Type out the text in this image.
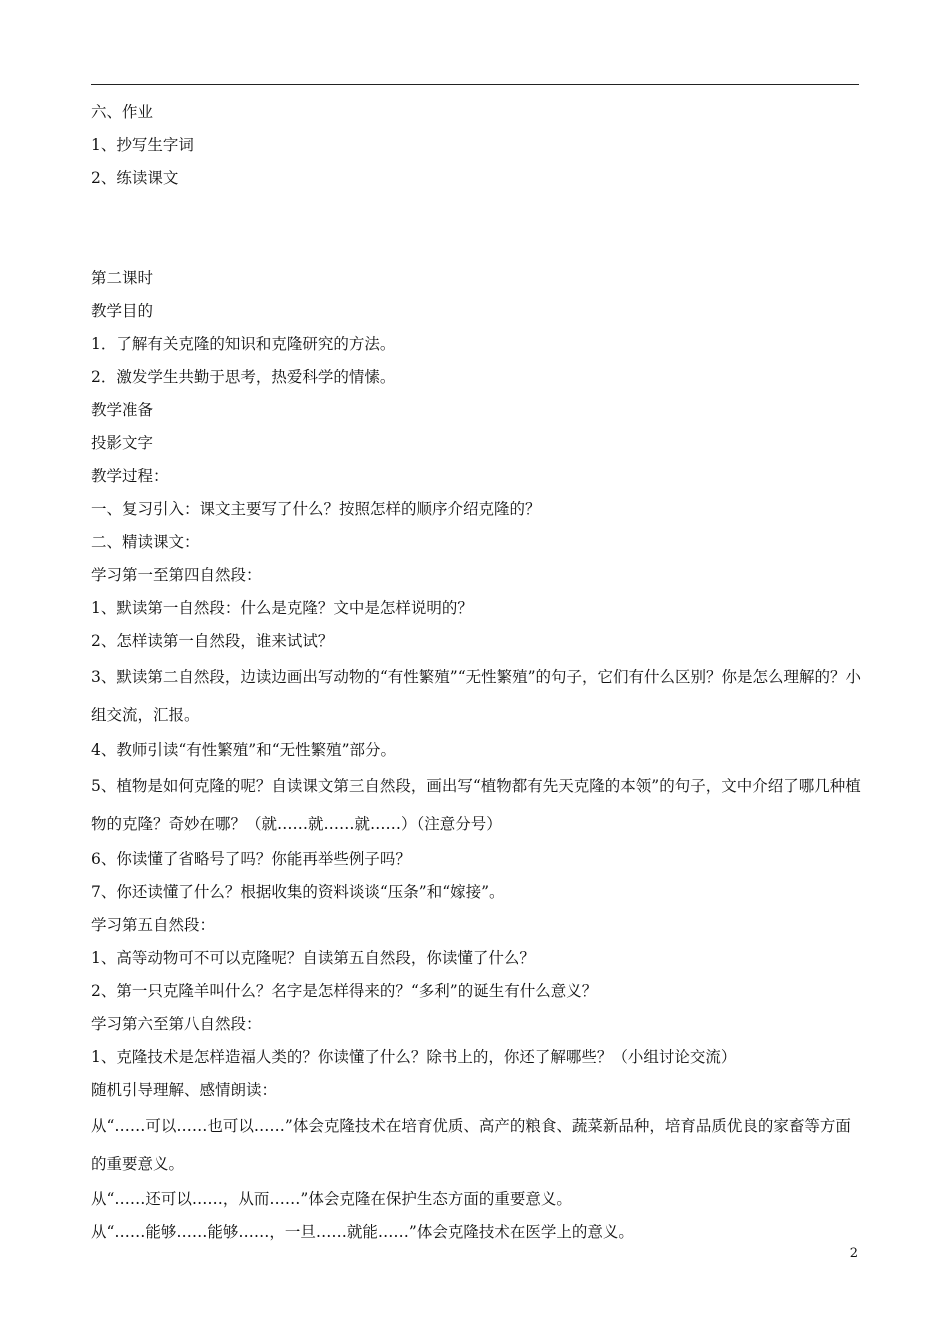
六、作业

1、抄写生字词

2、练读课文

第二课时

教学目的

1．了解有关克隆的知识和克隆研究的方法。

2．激发学生共勤于思考，热爱科学的情愫。

教学准备

投影文字

教学过程：

一、复习引入：课文主要写了什么？按照怎样的顺序介绍克隆的？

二、精读课文：

学习第一至第四自然段：

1、默读第一自然段：什么是克隆？文中是怎样说明的？

2、怎样读第一自然段，谁来试试？

3、默读第二自然段，边读边画出写动物的“有性繁殖”“无性繁殖”的句子，它们有什么区别？你是怎么理解的？小组交流，汇报。

4、教师引读“有性繁殖”和“无性繁殖”部分。

5、植物是如何克隆的呢？自读课文第三自然段，画出写“植物都有先天克隆的本领”的句子，文中介绍了哪几种植物的克隆？奇妙在哪？（就……就……就……）（注意分号）

6、你读懂了省略号了吗？你能再举些例子吗？

7、你还读懂了什么？根据收集的资料谈谈“压条”和“嫁接”。

学习第五自然段：

1、高等动物可不可以克隆呢？自读第五自然段，你读懂了什么？

2、第一只克隆羊叫什么？名字是怎样得来的？“多利”的诞生有什么意义？

学习第六至第八自然段：

1、克隆技术是怎样造福人类的？你读懂了什么？除书上的，你还了解哪些？（小组讨论交流）

随机引导理解、感情朗读：

从“……可以……也可以……”体会克隆技术在培育优质、高产的粮食、蔬菜新品种，培育品质优良的家畜等方面的重要意义。

从“……还可以……，从而……”体会克隆在保护生态方面的重要意义。

从“……能够……能够……，一旦……就能……”体会克隆技术在医学上的意义。

2
